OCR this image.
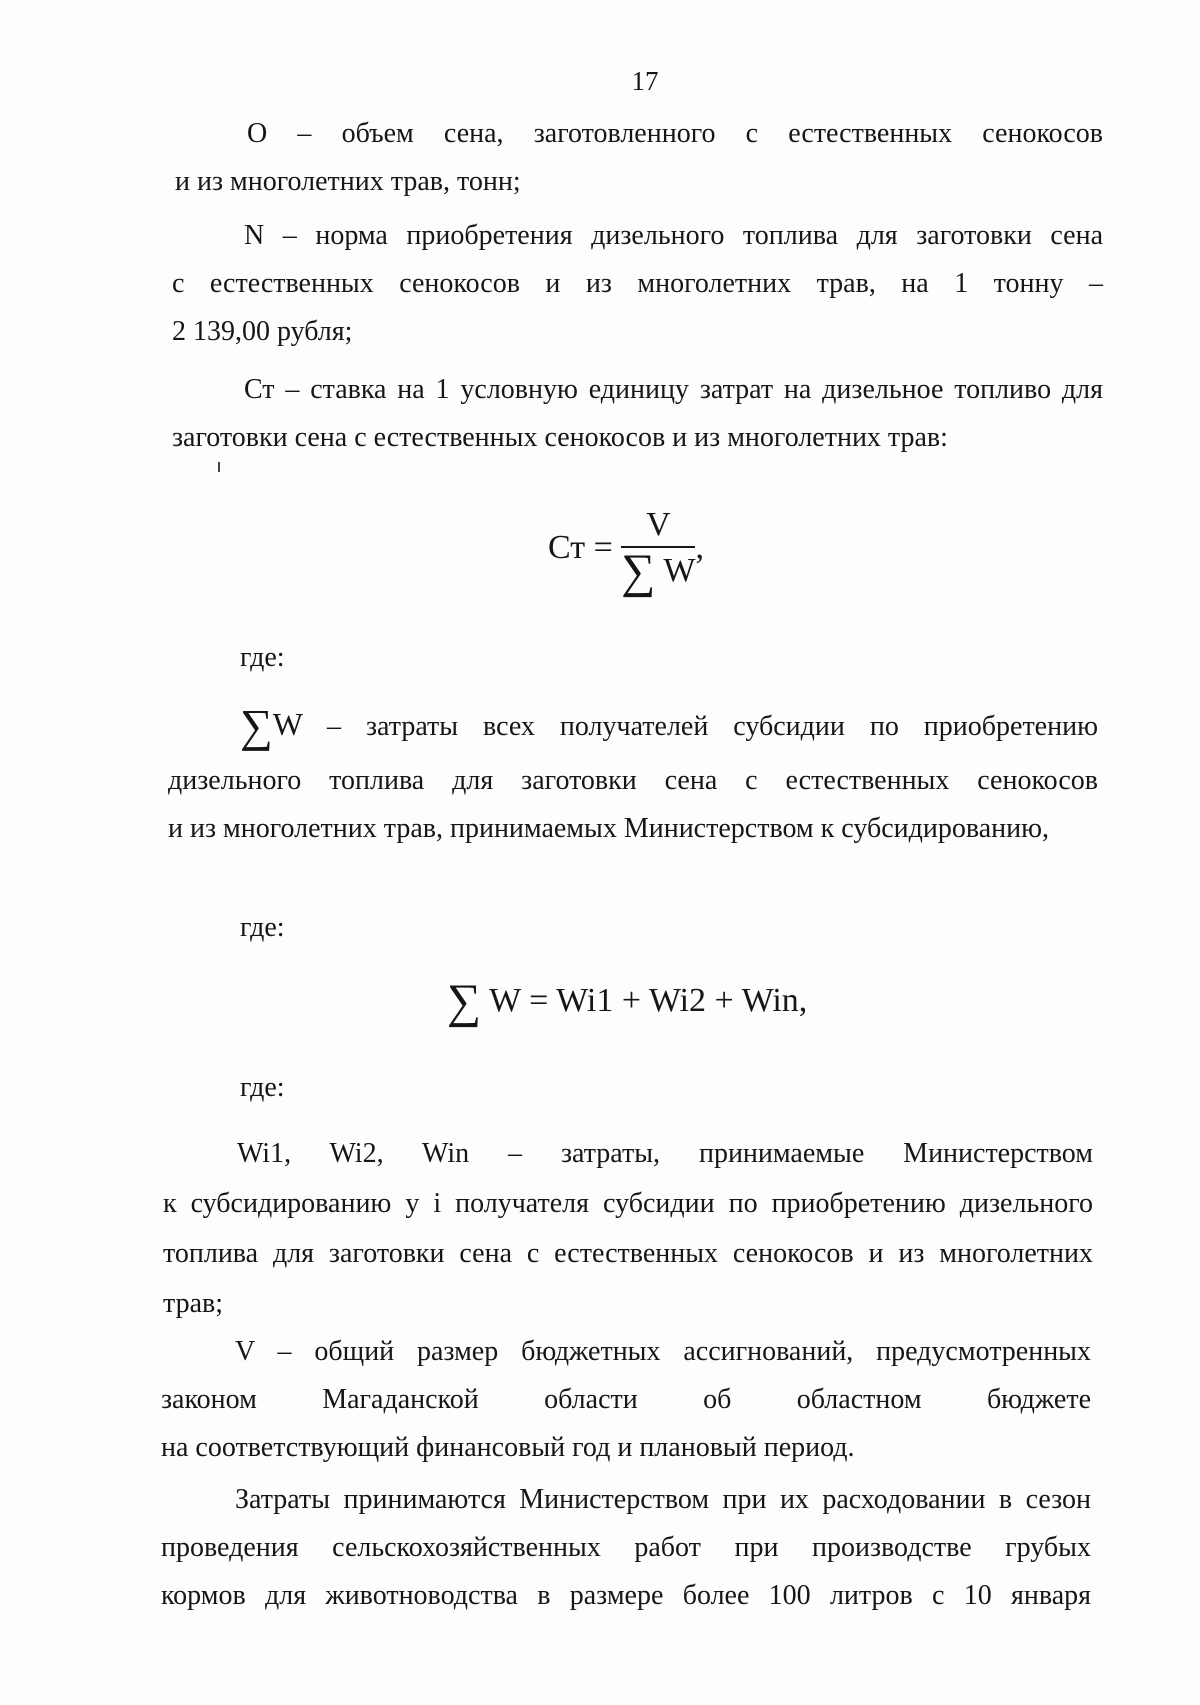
17
О – объем сена, заготовленного с естественных сенокосов
и из многолетних трав, тонн;
N – норма приобретения дизельного топлива для заготовки сена
с естественных сенокосов и из многолетних трав, на 1 тонну –
2 139,00 рубля;
Ст – ставка на 1 условную единицу затрат на дизельное топливо для
заготовки сена с естественных сенокосов и из многолетних трав:
Ст = $\frac{V}{\sum W}$ ,
где:
∑W – затраты всех получателей субсидии по приобретению
дизельного топлива для заготовки сена с естественных сенокосов
и из многолетних трав, принимаемых Министерством к субсидированию,
где:
∑ W = Wi1 + Wi2 + Win,
где:
Wi1, Wi2, Win – затраты, принимаемые Министерством
к субсидированию у i получателя субсидии по приобретению дизельного
топлива для заготовки сена с естественных сенокосов и из многолетних
трав;
V – общий размер бюджетных ассигнований, предусмотренных
законом Магаданской области об областном бюджете
на соответствующий финансовый год и плановый период.
Затраты принимаются Министерством при их расходовании в сезон
проведения сельскохозяйственных работ при производстве грубых
кормов для животноводства в размере более 100 литров с 10 января
